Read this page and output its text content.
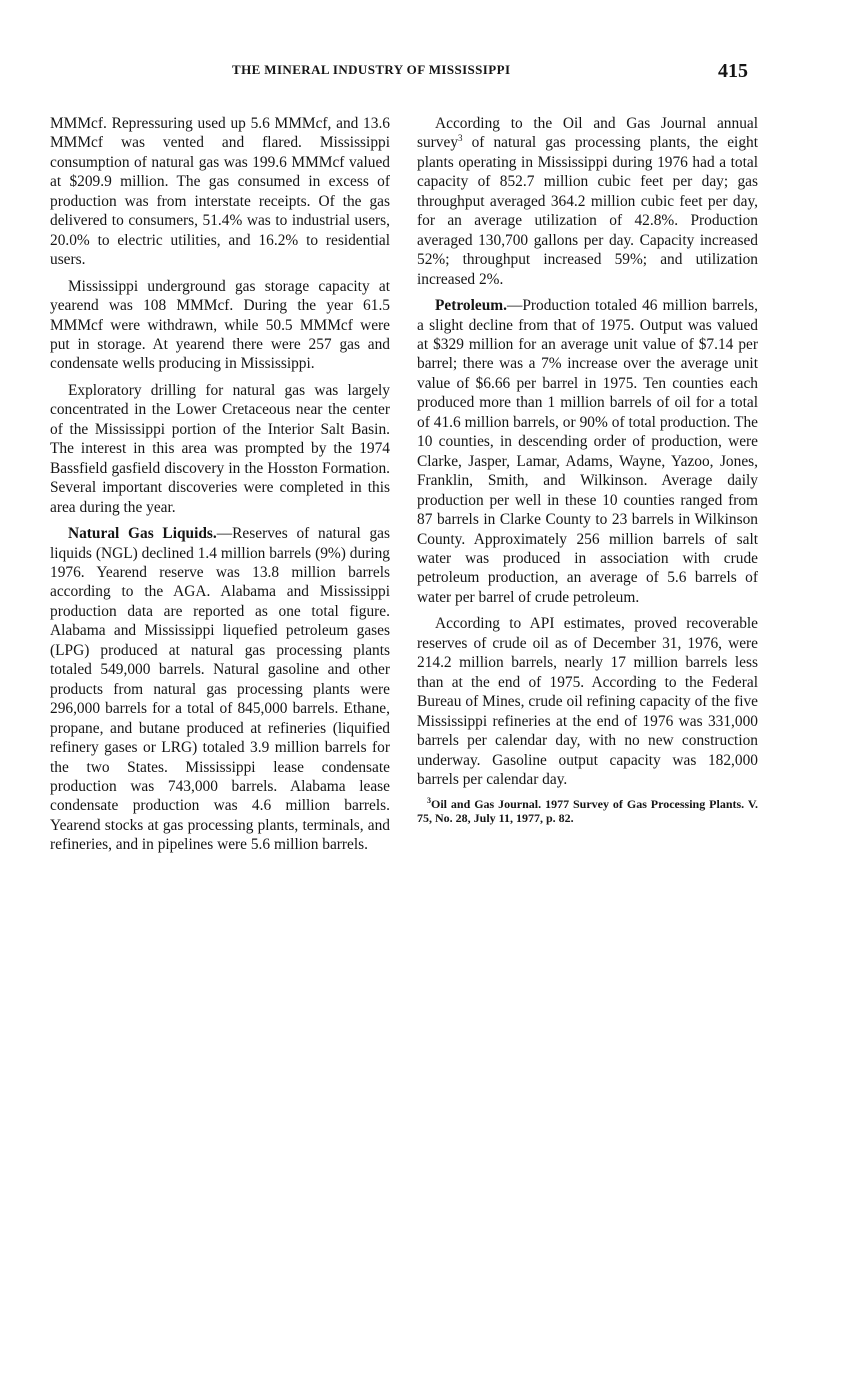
THE MINERAL INDUSTRY OF MISSISSIPPI	415

MMMcf. Repressuring used up 5.6 MMMcf, and 13.6 MMMcf was vented and flared. Mississippi consumption of natural gas was 199.6 MMMcf valued at $209.9 million. The gas consumed in excess of production was from interstate receipts. Of the gas delivered to consumers, 51.4% was to industrial users, 20.0% to electric utilities, and 16.2% to residential users.

Mississippi underground gas storage capacity at yearend was 108 MMMcf. During the year 61.5 MMMcf were withdrawn, while 50.5 MMMcf were put in storage. At yearend there were 257 gas and condensate wells producing in Mississippi.

Exploratory drilling for natural gas was largely concentrated in the Lower Cretaceous near the center of the Mississippi portion of the Interior Salt Basin. The interest in this area was prompted by the 1974 Bassfield gasfield discovery in the Hosston Formation. Several important discoveries were completed in this area during the year.

Natural Gas Liquids.—Reserves of natural gas liquids (NGL) declined 1.4 million barrels (9%) during 1976. Yearend reserve was 13.8 million barrels according to the AGA. Alabama and Mississippi production data are reported as one total figure. Alabama and Mississippi liquefied petroleum gases (LPG) produced at natural gas processing plants totaled 549,000 barrels. Natural gasoline and other products from natural gas processing plants were 296,000 barrels for a total of 845,000 barrels. Ethane, propane, and butane produced at refineries (liquified refinery gases or LRG) totaled 3.9 million barrels for the two States. Mississippi lease condensate production was 743,000 barrels. Alabama lease condensate production was 4.6 million barrels. Yearend stocks at gas processing plants, terminals, and refineries, and in pipelines were 5.6 million barrels.

According to the Oil and Gas Journal annual survey$^3$ of natural gas processing plants, the eight plants operating in Mississippi during 1976 had a total capacity of 852.7 million cubic feet per day; gas throughput averaged 364.2 million cubic feet per day, for an average utilization of 42.8%. Production averaged 130,700 gallons per day. Capacity increased 52%; throughput increased 59%; and utilization increased 2%.

Petroleum.—Production totaled 46 million barrels, a slight decline from that of 1975. Output was valued at $329 million for an average unit value of $7.14 per barrel; there was a 7% increase over the average unit value of $6.66 per barrel in 1975. Ten counties each produced more than 1 million barrels of oil for a total of 41.6 million barrels, or 90% of total production. The 10 counties, in descending order of production, were Clarke, Jasper, Lamar, Adams, Wayne, Yazoo, Jones, Franklin, Smith, and Wilkinson. Average daily production per well in these 10 counties ranged from 87 barrels in Clarke County to 23 barrels in Wilkinson County. Approximately 256 million barrels of salt water was produced in association with crude petroleum production, an average of 5.6 barrels of water per barrel of crude petroleum.

According to API estimates, proved recoverable reserves of crude oil as of December 31, 1976, were 214.2 million barrels, nearly 17 million barrels less than at the end of 1975. According to the Federal Bureau of Mines, crude oil refining capacity of the five Mississippi refineries at the end of 1976 was 331,000 barrels per calendar day, with no new construction underway. Gasoline output capacity was 182,000 barrels per calendar day.

$^3$Oil and Gas Journal. 1977 Survey of Gas Processing Plants. V. 75, No. 28, July 11, 1977, p. 82.
